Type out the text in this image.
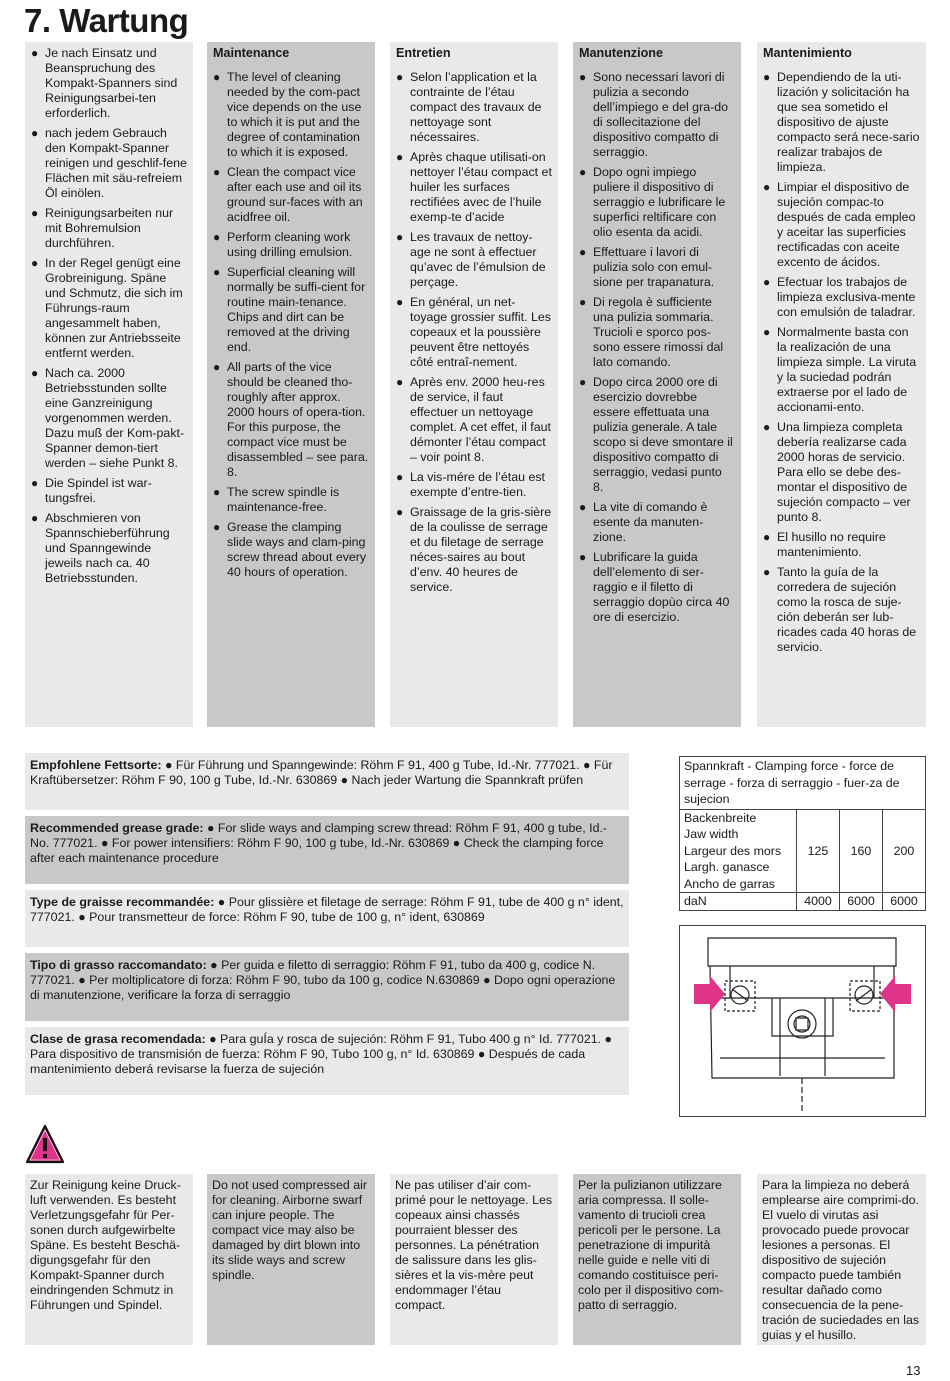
7. Wartung
● Je nach Einsatz und Beanspruchung des Kompakt-Spanners sind Reinigungsarbei-ten erforderlich.
● nach jedem Gebrauch den Kompakt-Spanner reinigen und geschlif-fene Flächen mit säu-refreiem Öl einölen.
● Reinigungsarbeiten nur mit Bohremulsion durchführen.
● In der Regel genügt eine Grobreinigung. Späne und Schmutz, die sich im Führungs-raum angesammelt haben, können zur Antriebsseite entfernt werden.
● Nach ca. 2000 Betriebsstunden sollte eine Ganzreinigung vorgenommen werden. Dazu muß der Kom-pakt-Spanner demon-tiert werden – siehe Punkt 8.
● Die Spindel ist war-tungsfrei.
● Abschmieren von Spannschieberführung und Spanngewinde jeweils nach ca. 40 Betriebsstunden.
Maintenance
● The level of cleaning needed by the com-pact vice depends on the use to which it is put and the degree of contamination to which it is exposed.
● Clean the compact vice after each use and oil its ground sur-faces with an acidfree oil.
● Perform cleaning work using drilling emulsion.
● Superficial cleaning will normally be suffi-cient for routine main-tenance. Chips and dirt can be removed at the driving end.
● All parts of the vice should be cleaned tho-roughly after approx. 2000 hours of opera-tion. For this purpose, the compact vice must be disassembled – see para. 8.
● The screw spindle is maintenance-free.
● Grease the clamping slide ways and clam-ping screw thread about every 40 hours of operation.
Entretien
● Selon l’application et la contrainte de l’étau compact des travaux de nettoyage sont nécessaires.
● Après chaque utilisati-on nettoyer l’étau compact et huiler les surfaces rectifiées avec de l’huile exemp-te d’acide
● Les travaux de nettoy-age ne sont à effectuer qu’avec de l’émulsion de perçage.
● En général, un net-toyage grossier suffit. Les copeaux et la poussière peuvent être nettoyés côté entraî-nement.
● Après env. 2000 heu-res de service, il faut effectuer un nettoyage complet. A cet effet, il faut démonter l’étau compact – voir point 8.
● La vis-mére de l’étau est exempte d’entre-tien.
● Graissage de la gris-sière de la coulisse de serrage et du filetage de serrage néces-saires au bout d’env. 40 heures de service.
Manutenzione
● Sono necessari lavori di pulizia a secondo dell’impiego e del gra-do di sollecitazione del dispositivo compatto di serraggio.
● Dopo ogni impiego puliere il dispositivo di serraggio e lubrificare le superfici reltificare con olio esenta da acidi.
● Effettuare i lavori di pulizia solo con emul-sione per trapanatura.
● Di regola è sufficiente una pulizia sommaria. Trucioli e sporco pos-sono essere rimossi dal lato comando.
● Dopo circa 2000 ore di esercizio dovrebbe essere effettuata una pulizia generale. A tale scopo si deve smontare il dispositivo compatto di serraggio, vedasi punto 8.
● La vite di comando è esente da manuten-zione.
● Lubrificare la guida dell’elemento di ser-raggio e il filetto di serraggio dopùo circa 40 ore di esercizio.
Mantenimiento
● Dependiendo de la uti-lización y solicitación ha que sea sometido el dispositivo de ajuste compacto será nece-sario realizar trabajos de limpieza.
● Limpiar el dispositivo de sujeción compac-to después de cada empleo y aceitar las superficies rectificadas con aceite excento de ácidos.
● Efectuar los trabajos de limpieza exclusiva-mente con emulsión de taladrar.
● Normalmente basta con la realización de una limpieza simple. La viruta y la suciedad podrán extraerse por el lado de accionami-ento.
● Una limpieza completa debería realizarse cada 2000 horas de servicio. Para ello se debe des-montar el dispositivo de sujeción compacto – ver punto 8.
● El husillo no require mantenimiento.
● Tanto la guía de la corredera de sujeción como la rosca de suje-ción deberán ser lub-ricades cada 40 horas de servicio.
Empfohlene Fettsorte: ● Für Führung und Spanngewinde: Röhm F 91, 400 g Tube, Id.-Nr. 777021. ● Für Kraftübersetzer: Röhm F 90, 100 g Tube, Id.-Nr. 630869 ● Nach jeder Wartung die Spannkraft prüfen
Recommended grease grade: ● For slide ways and clamping screw thread: Röhm F 91, 400 g tube, Id.-No. 777021. ● For power intensifiers: Röhm F 90, 100 g tube, Id.-Nr. 630869 ● Check the clamping force after each maintenance procedure
Type de graisse recommandée: ● Pour glissière et filetage de serrage: Röhm F 91, tube de 400 g n° ident, 777021. ● Pour transmetteur de force: Röhm F 90, tube de 100 g, n° ident, 630869
Tipo di grasso raccomandato: ● Per guida e filetto di serraggio: Röhm F 91, tubo da 400 g, codice N. 777021. ● Per moltiplicatore di forza: Röhm F 90, tubo da 100 g, codice N.630869 ● Dopo ogni operazione di manutenzione, verificare la forza di serraggio
Clase de grasa recomendada: ● Para guÍa y rosca de sujeción: Röhm F 91, Tubo 400 g n° Id. 777021. ● Para dispositivo de transmisión de fuerza: Röhm F 90, Tubo 100 g, n° Id. 630869 ● Después de cada mantenimiento deberá revisarse la fuerza de sujeción
Spannkraft - Clamping force - force de serrage - forza di serraggio - fuer-za de sujecion			

Backenbreite
Jaw width
Largeur des mors
Largh. ganasce
Ancho de garras	125	160	200
daN	4000	6000	6000
Zur Reinigung keine Druck-luft verwenden. Es besteht Verletzungsgefahr für Per-sonen durch aufgewirbelte Späne. Es besteht Beschä-digungsgefahr für den Kompakt-Spanner durch eindringenden Schmutz in Führungen und Spindel.
Do not used compressed air for cleaning. Airborne swarf can injure people. The compact vice may also be damaged by dirt blown into its slide ways and screw spindle.
Ne pas utiliser d’air com-primé pour le nettoyage. Les copeaux ainsi chassés pourraient blesser des personnes. La pénétration de salissure dans les glis-sières et la vis-mère peut endommager l’étau compact.
Per la pulizianon utilizzare aria compressa. Il solle-vamento di trucioli crea pericoli per le persone. La penetrazione di impurità nelle guide e nelle viti di comando costituisce peri-colo per il dispositivo com-patto di serraggio.
Para la limpieza no deberá emplearse aire comprimi-do. El vuelo di virutas asi provocado puede provocar lesiones a personas. El dispositivo de sujeción compacto puede también resultar dañado como consecuencia de la pene-tración de suciedades en las guias y el husillo.
13
